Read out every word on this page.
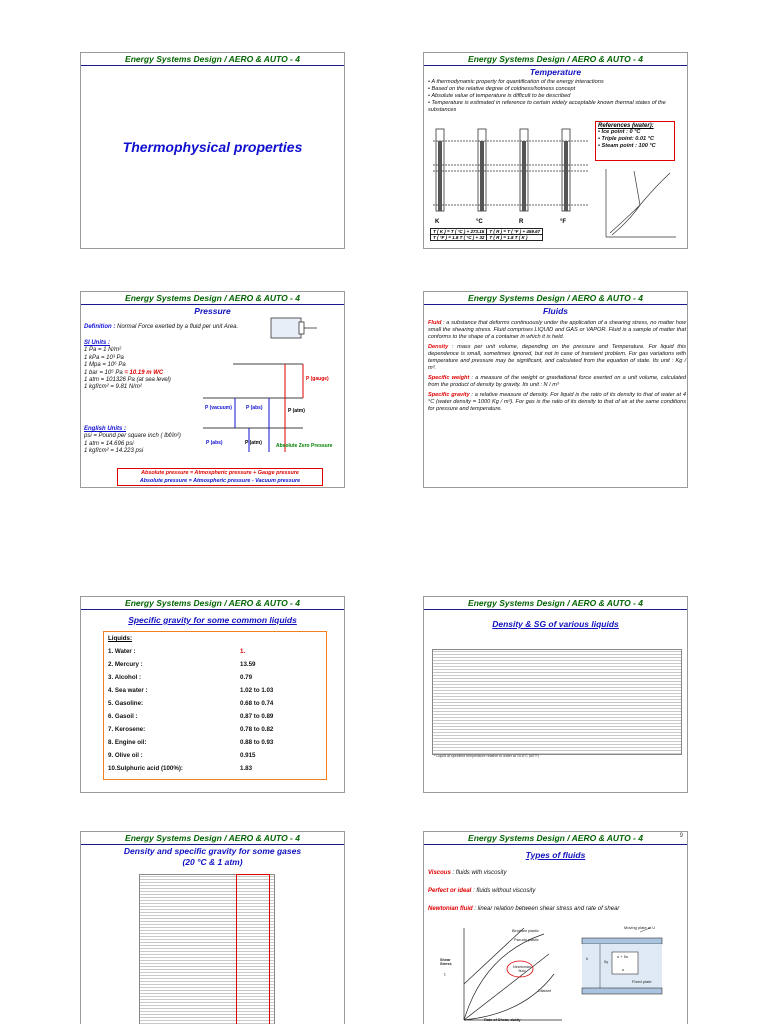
Energy Systems Design / AERO & AUTO - 4
Thermophysical properties
Energy Systems Design / AERO & AUTO - 4
Temperature
• A thermodynamic property for quantification of the energy interactions
• Based on the relative degree of coldness/hotness concept
• Absolute value of temperature is difficult to be described
• Temperature is estimated in reference to certain widely acceptable known thermal states of the substances
K	°C	R	°F
T ( K ) = T ( °C ) + 273.15	T ( R ) = T ( °F ) + 459.67
T ( °F ) = 1.8 T ( °C ) + 32	T ( R ) = 1.8 T ( K )
References (water):
• Ice point : 0 °C
• Triple point: 0.01 °C
• Steam point : 100 °C
Energy Systems Design / AERO & AUTO - 4
Pressure
Definition : Normal Force exerted by a fluid per unit Area.
SI Units :
1 Pa = 1 N/m²
1 kPa = 10³ Pa
1 Mpa = 10⁶ Pa
1 bar = 10⁵ Pa = 10.19 m WC
1 atm = 101326 Pa (at sea level)
1 kgf/cm² = 9.81 N/m²
English Units :
psi = Pound per square inch ( lbf/in²)
1 atm = 14.696 psi
1 kgf/cm² = 14.223 psi
P (gauge)
P (vacuum)	P (abs)	P (atm)
P (abs)	P (atm)	Absolute Zero Pressure
Absolute pressure = Atmospheric pressure + Gauge pressure
Absolute pressure = Atmospheric pressure - Vacuum pressure
Energy Systems Design / AERO & AUTO - 4
Fluids

Fluid : a substance that deforms continuously under the application of a shearing stress, no matter how small the shearing stress. Fluid comprises LIQUID and GAS or VAPOR. Fluid is a sample of matter that conforms to the shape of a container in which it is held.

Density : mass per unit volume, depending on the pressure and Temperature. For liquid this dependence is small, sometimes ignored, but not in case of transient problem. For gas variations with temperature and pressure may be significant, and calculated from the equation of state. Its unit : Kg / m³.

Specific weight : a measure of the weight or gravitational force exerted on a unit volume, calculated from the product of density by gravity. Its unit : N / m³

Specific gravity : a relative measure of density. For liquid is the ratio of its density to that of water at 4 °C (water density = 1000 Kg / m³). For gas is the ratio of its density to that of air at the same conditions for pressure and temperature.

Energy Systems Design / AERO & AUTO - 4
Specific gravity for some common liquids
Liquids:
1. Water :	1.
2. Mercury :	13.59
3. Alcohol :	0.79
4. Sea water :	1.02 to 1.03
5. Gasoline:	0.68 to 0.74
6. Gasoil :	0.87 to 0.89
7. Kerosene:	0.78 to 0.82
8. Engine oil:	0.88 to 0.93
9. Olive oil :	0.915
10.Sulphuric acid (100%):	1.83
Energy Systems Design / AERO & AUTO - 4
Density & SG of various liquids
* Liquid at specified temperature relative to water at 15.6°C (60°F)
Energy Systems Design / AERO & AUTO - 4
Density and specific gravity for some gases
(20 °C & 1 atm)
Energy Systems Design / AERO & AUTO - 4	9
Types of fluids
Viscous : fluids with viscosity
Perfect or ideal : fluids without viscosity
Newtonian fluid : linear relation between shear stress and rate of shear
Bingham plastic
Pseudo plastic
Newtonian fluid
Dilatant
Shear Stress
τ
Rate of Shear, du/dy
Moving plate at U
Fixed plate
h	u + δu
u
δy
